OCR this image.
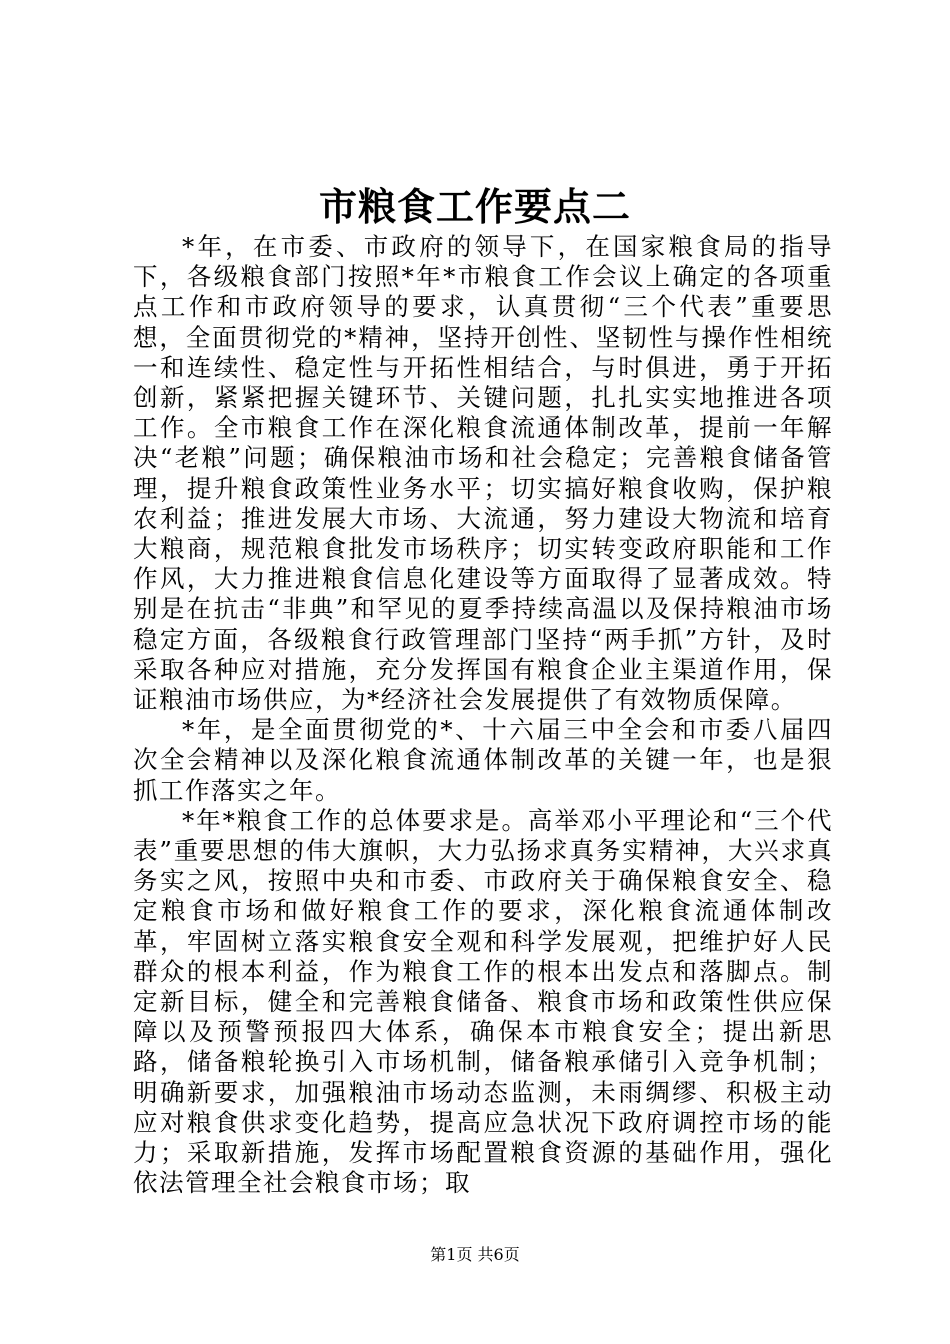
市粮食工作要点二

*年，在市委、市政府的领导下，在国家粮食局的指导下，各级粮食部门按照*年*市粮食工作会议上确定的各项重点工作和市政府领导的要求，认真贯彻“三个代表”重要思想，全面贯彻党的*精神，坚持开创性、坚韧性与操作性相统一和连续性、稳定性与开拓性相结合，与时俱进，勇于开拓创新，紧紧把握关键环节、关键问题，扎扎实实地推进各项工作。全市粮食工作在深化粮食流通体制改革，提前一年解决“老粮”问题；确保粮油市场和社会稳定；完善粮食储备管理，提升粮食政策性业务水平；切实搞好粮食收购，保护粮农利益；推进发展大市场、大流通，努力建设大物流和培育大粮商，规范粮食批发市场秩序；切实转变政府职能和工作作风，大力推进粮食信息化建设等方面取得了显著成效。特别是在抗击“非典”和罕见的夏季持续高温以及保持粮油市场稳定方面，各级粮食行政管理部门坚持“两手抓”方针，及时采取各种应对措施，充分发挥国有粮食企业主渠道作用，保证粮油市场供应，为*经济社会发展提供了有效物质保障。

*年，是全面贯彻党的*、十六届三中全会和市委八届四次全会精神以及深化粮食流通体制改革的关键一年，也是狠抓工作落实之年。

*年*粮食工作的总体要求是。高举邓小平理论和“三个代表”重要思想的伟大旗帜，大力弘扬求真务实精神，大兴求真务实之风，按照中央和市委、市政府关于确保粮食安全、稳定粮食市场和做好粮食工作的要求，深化粮食流通体制改革，牢固树立落实粮食安全观和科学发展观，把维护好人民群众的根本利益，作为粮食工作的根本出发点和落脚点。制定新目标，健全和完善粮食储备、粮食市场和政策性供应保障以及预警预报四大体系，确保本市粮食安全；提出新思路，储备粮轮换引入市场机制，储备粮承储引入竞争机制；明确新要求，加强粮油市场动态监测，未雨绸缪、积极主动应对粮食供求变化趋势，提高应急状况下政府调控市场的能力；采取新措施，发挥市场配置粮食资源的基础作用，强化依法管理全社会粮食市场；取

第1页 共6页
